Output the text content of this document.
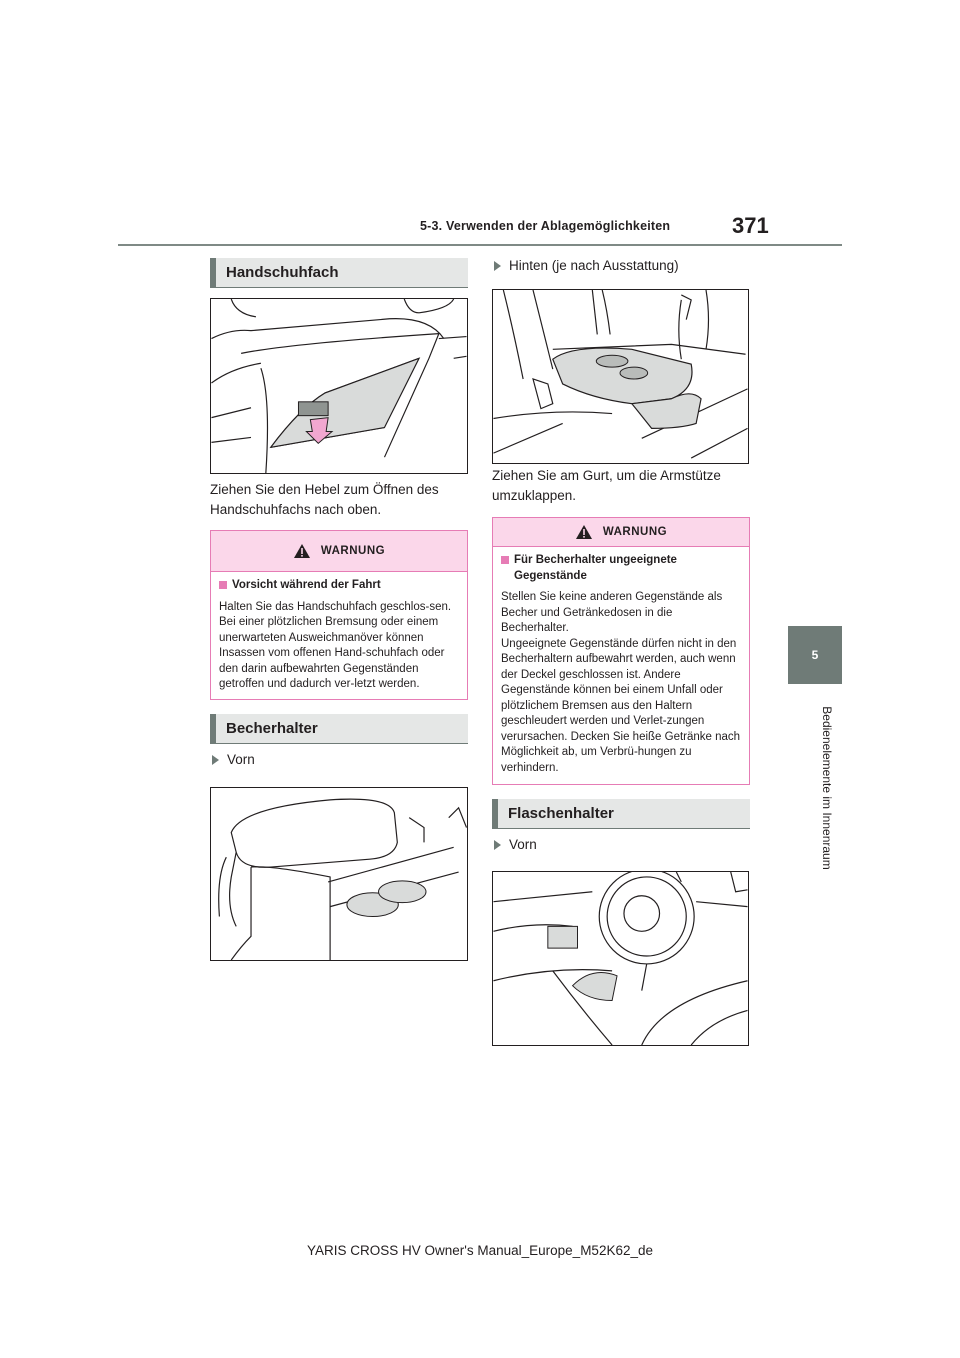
5-3. Verwenden der Ablagemöglichkeiten	371
5
Bedienelemente im Innenraum
Handschuhfach
Ziehen Sie den Hebel zum Öffnen des Handschuhfachs nach oben.
WARNUNG
Vorsicht während der Fahrt
Halten Sie das Handschuhfach geschlos-sen. Bei einer plötzlichen Bremsung oder einem unerwarteten Ausweichmanöver können Insassen vom offenen Hand-schuhfach oder den darin aufbewahrten Gegenständen getroffen und dadurch ver-letzt werden.
Becherhalter
Vorn
Hinten (je nach Ausstattung)
Ziehen Sie am Gurt, um die Armstütze umzuklappen.
WARNUNG
Für Becherhalter ungeeignete Gegenstände
Stellen Sie keine anderen Gegenstände als Becher und Getränkedosen in die Becherhalter.
Ungeeignete Gegenstände dürfen nicht in den Becherhaltern aufbewahrt werden, auch wenn der Deckel geschlossen ist. Andere Gegenstände können bei einem Unfall oder plötzlichem Bremsen aus den Haltern geschleudert werden und Verlet-zungen verursachen. Decken Sie heiße Getränke nach Möglichkeit ab, um Verbrü-hungen zu verhindern.
Flaschenhalter
Vorn
YARIS CROSS HV Owner's Manual_Europe_M52K62_de
